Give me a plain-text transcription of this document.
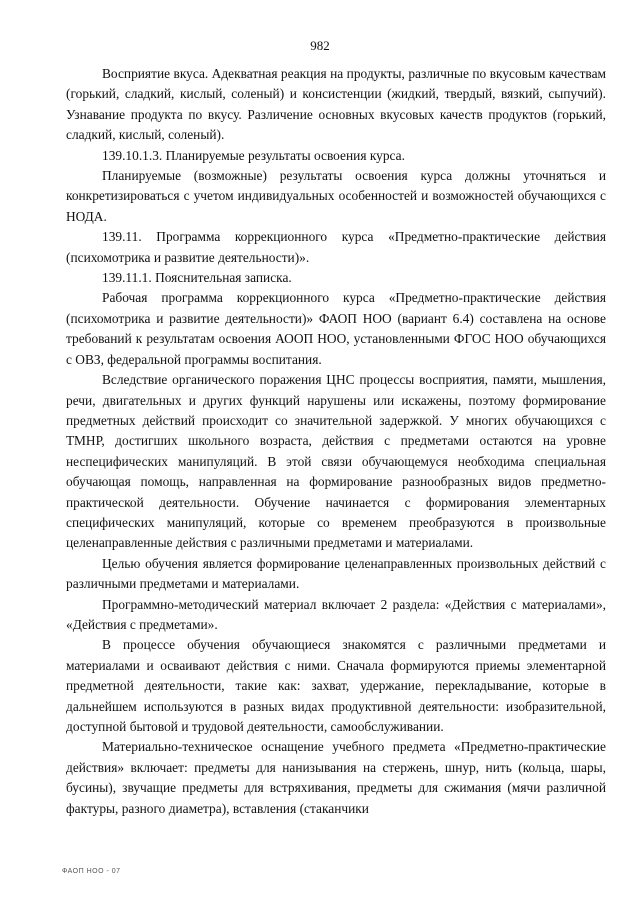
982

Восприятие вкуса. Адекватная реакция на продукты, различные по вкусовым качествам (горький, сладкий, кислый, соленый) и консистенции (жидкий, твердый, вязкий, сыпучий). Узнавание продукта по вкусу. Различение основных вкусовых качеств продуктов (горький, сладкий, кислый, соленый).

139.10.1.3. Планируемые результаты освоения курса.

Планируемые (возможные) результаты освоения курса должны уточняться и конкретизироваться с учетом индивидуальных особенностей и возможностей обучающихся с НОДА.

139.11. Программа коррекционного курса «Предметно-практические действия (психомотрика и развитие деятельности)».

139.11.1. Пояснительная записка.

Рабочая программа коррекционного курса «Предметно-практические действия (психомотрика и развитие деятельности)» ФАОП НОО (вариант 6.4) составлена на основе требований к результатам освоения АООП НОО, установленными ФГОС НОО обучающихся с ОВЗ, федеральной программы воспитания.

Вследствие органического поражения ЦНС процессы восприятия, памяти, мышления, речи, двигательных и других функций нарушены или искажены, поэтому формирование предметных действий происходит со значительной задержкой. У многих обучающихся с ТМНР, достигших школьного возраста, действия с предметами остаются на уровне неспецифических манипуляций. В этой связи обучающемуся необходима специальная обучающая помощь, направленная на формирование разнообразных видов предметно-практической деятельности. Обучение начинается с формирования элементарных специфических манипуляций, которые со временем преобразуются в произвольные целенаправленные действия с различными предметами и материалами.

Целью обучения является формирование целенаправленных произвольных действий с различными предметами и материалами.

Программно-методический материал включает 2 раздела: «Действия с материалами», «Действия с предметами».

В процессе обучения обучающиеся знакомятся с различными предметами и материалами и осваивают действия с ними. Сначала формируются приемы элементарной предметной деятельности, такие как: захват, удержание, перекладывание, которые в дальнейшем используются в разных видах продуктивной деятельности: изобразительной, доступной бытовой и трудовой деятельности, самообслуживании.

Материально-техническое оснащение учебного предмета «Предметно-практические действия» включает: предметы для нанизывания на стержень, шнур, нить (кольца, шары, бусины), звучащие предметы для встряхивания, предметы для сжимания (мячи различной фактуры, разного диаметра), вставления (стаканчики

ФАОП НОО - 07
